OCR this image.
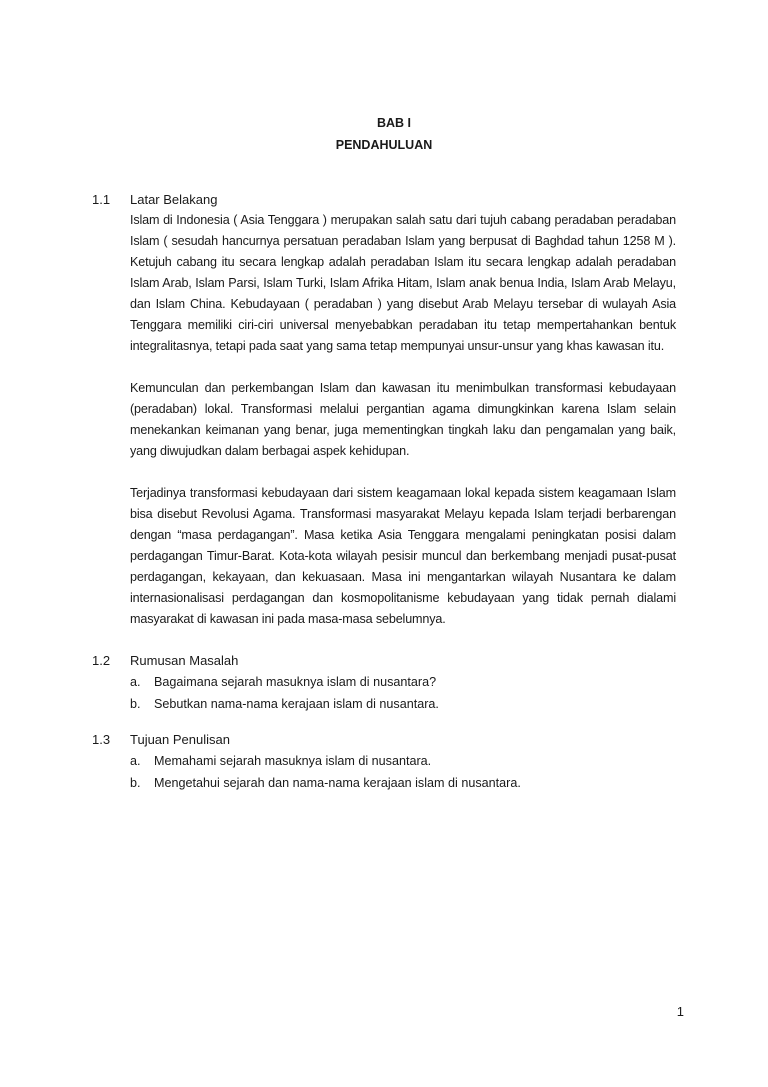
BAB I
PENDAHULUAN
1.1	Latar Belakang

Islam di Indonesia ( Asia Tenggara ) merupakan salah satu dari tujuh cabang peradaban peradaban Islam ( sesudah hancurnya persatuan peradaban Islam yang berpusat di Baghdad tahun 1258 M ). Ketujuh cabang itu secara lengkap adalah peradaban Islam itu secara lengkap adalah peradaban Islam Arab, Islam Parsi, Islam Turki, Islam Afrika Hitam, Islam anak benua India, Islam Arab Melayu, dan Islam China. Kebudayaan ( peradaban ) yang disebut Arab Melayu tersebar di wulayah Asia Tenggara memiliki ciri-ciri universal menyebabkan peradaban itu tetap mempertahankan bentuk integralitasnya, tetapi pada saat yang sama tetap mempunyai unsur-unsur yang khas kawasan itu.

Kemunculan dan perkembangan Islam dan kawasan itu menimbulkan transformasi kebudayaan (peradaban) lokal. Transformasi melalui pergantian agama dimungkinkan karena Islam selain menekankan keimanan yang benar, juga mementingkan tingkah laku dan pengamalan yang baik, yang diwujudkan dalam berbagai aspek kehidupan.

Terjadinya transformasi kebudayaan dari sistem keagamaan lokal kepada sistem keagamaan Islam bisa disebut Revolusi Agama. Transformasi masyarakat Melayu kepada Islam terjadi berbarengan dengan “masa perdagangan”. Masa ketika Asia Tenggara mengalami peningkatan posisi dalam perdagangan Timur-Barat. Kota-kota wilayah pesisir muncul dan berkembang menjadi pusat-pusat perdagangan, kekayaan, dan kekuasaan. Masa ini mengantarkan wilayah Nusantara ke dalam internasionalisasi perdagangan dan kosmopolitanisme kebudayaan yang tidak pernah dialami masyarakat di kawasan ini pada masa-masa sebelumnya.

1.2	Rumusan Masalah
a.	Bagaimana sejarah masuknya islam di nusantara?
b.	Sebutkan nama-nama kerajaan islam di nusantara.
1.3	Tujuan Penulisan
a.	Memahami sejarah masuknya islam di nusantara.
b.	Mengetahui sejarah dan nama-nama kerajaan islam di nusantara.
1
